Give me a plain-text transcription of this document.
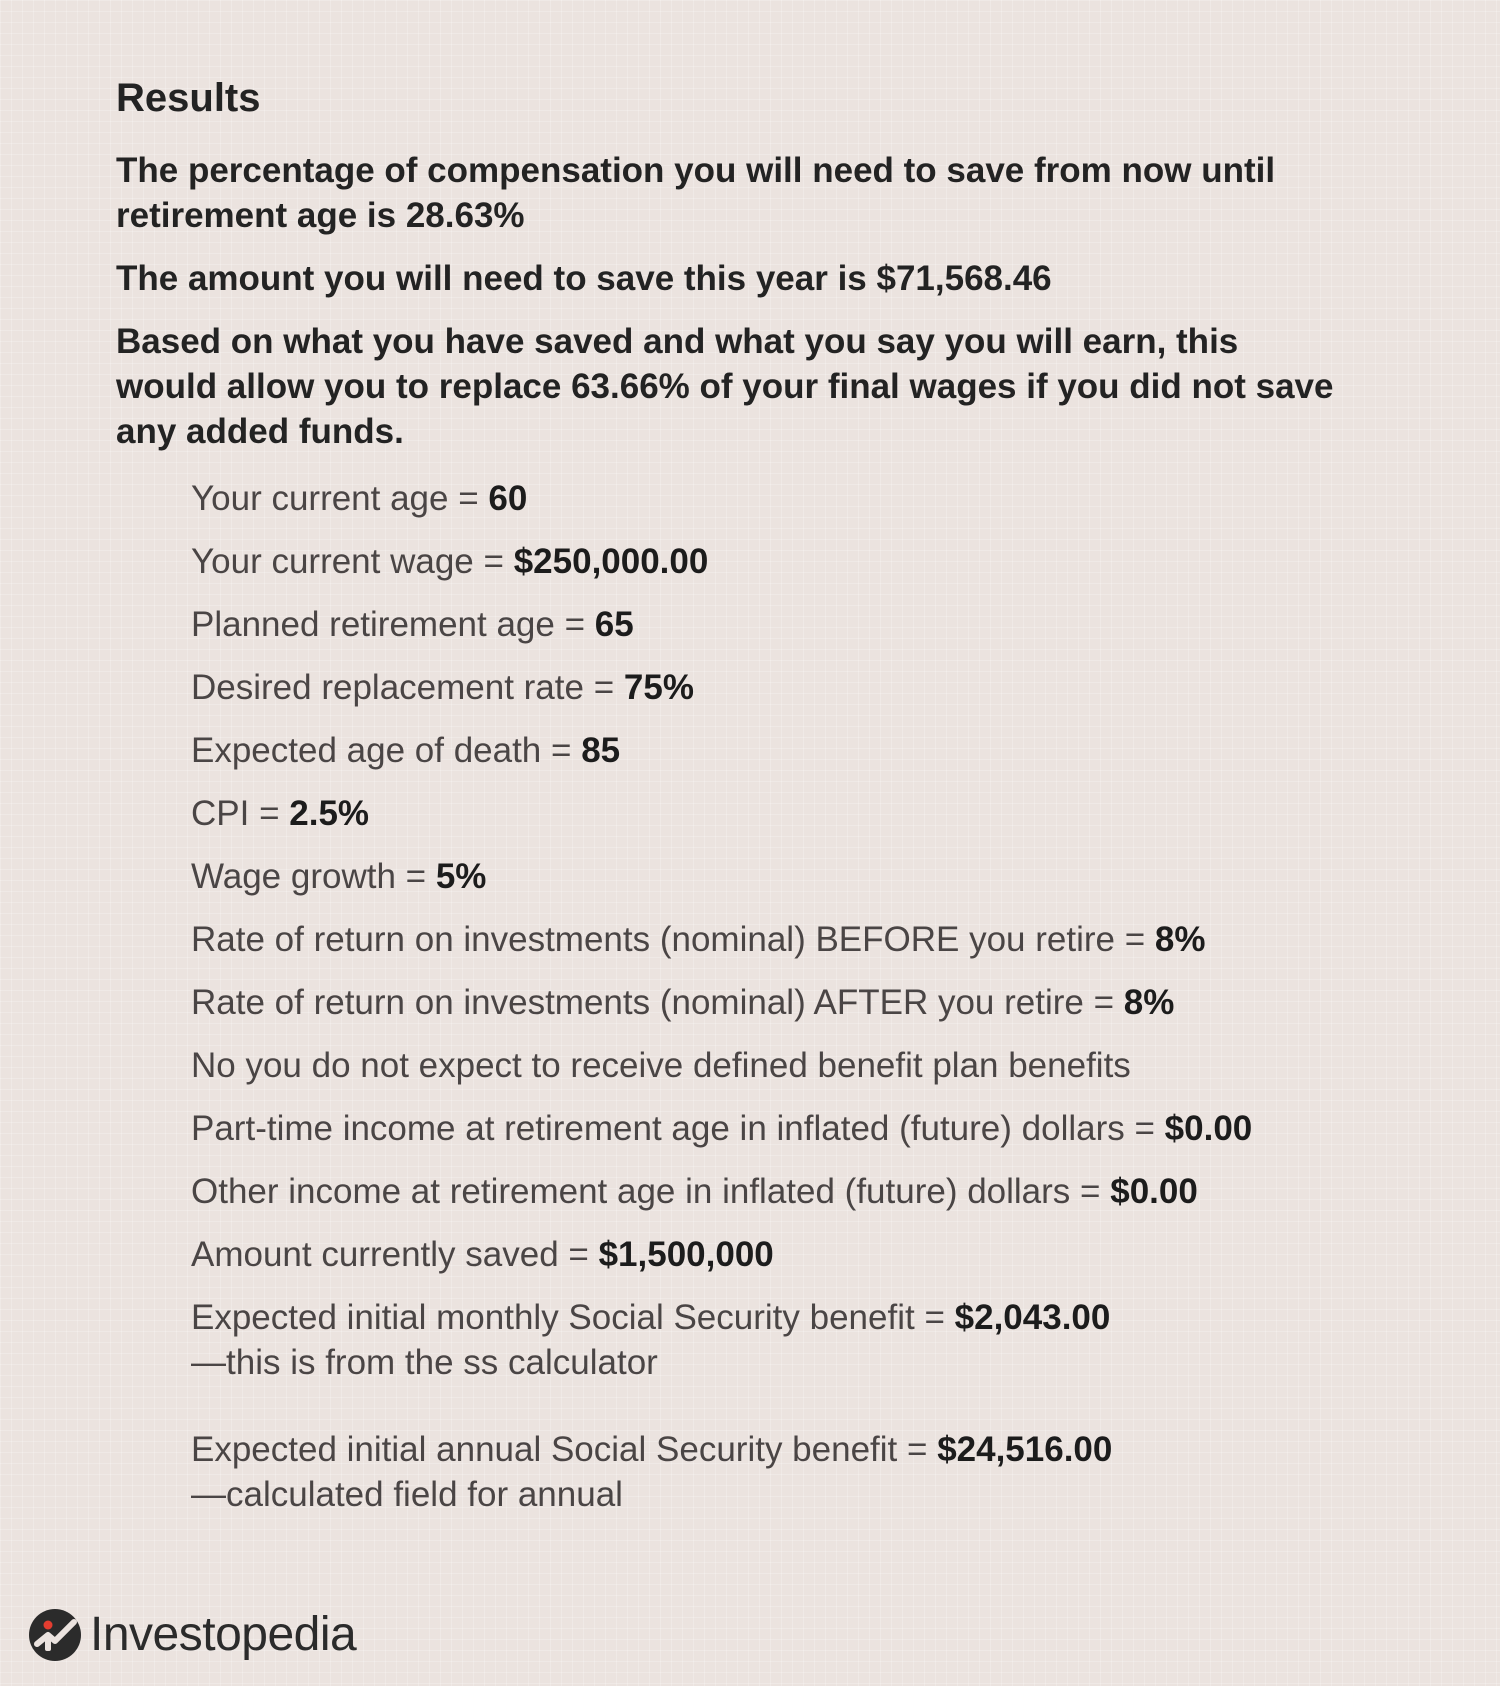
Results
The percentage of compensation you will need to save from now until retirement age is 28.63%
The amount you will need to save this year is $71,568.46
Based on what you have saved and what you say you will earn, this would allow you to replace 63.66% of your final wages if you did not save any added funds.
Your current age = 60
Your current wage = $250,000.00
Planned retirement age = 65
Desired replacement rate = 75%
Expected age of death = 85
CPI = 2.5%
Wage growth = 5%
Rate of return on investments (nominal) BEFORE you retire = 8%
Rate of return on investments (nominal) AFTER you retire = 8%
No you do not expect to receive defined benefit plan benefits
Part-time income at retirement age in inflated (future) dollars = $0.00
Other income at retirement age in inflated (future) dollars = $0.00
Amount currently saved = $1,500,000
Expected initial monthly Social Security benefit = $2,043.00
—this is from the ss calculator
Expected initial annual Social Security benefit = $24,516.00
—calculated field for annual
Investopedia
